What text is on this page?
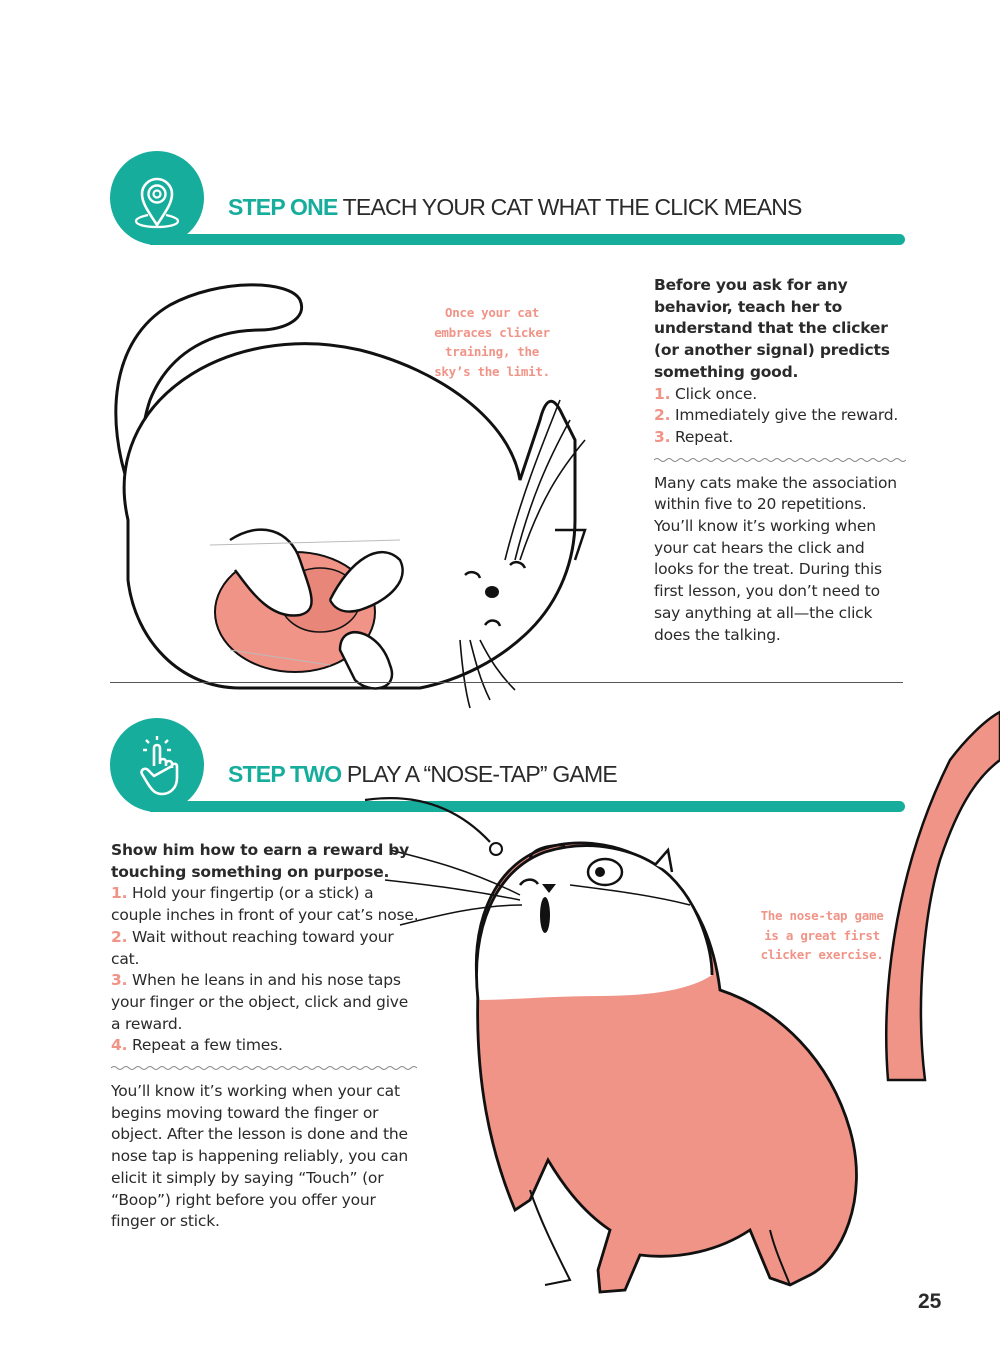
STEP ONE TEACH YOUR CAT WHAT THE CLICK MEANS
Once your cat embraces clicker training, the sky’s the limit.

Before you ask for any behavior, teach her to understand that the clicker (or another signal) predicts something good.

1. Click once.

2. Immediately give the reward.

3. Repeat.

Many cats make the association within five to 20 repetitions. You’ll know it’s working when your cat hears the click and looks for the treat. During this first lesson, you don’t need to say anything at all—the click does the talking.

STEP TWO PLAY A “NOSE-TAP” GAME
The nose-tap game is a great first clicker exercise.

Show him how to earn a reward by touching something on purpose.

1. Hold your fingertip (or a stick) a couple inches in front of your cat’s nose.

2. Wait without reaching toward your cat.

3. When he leans in and his nose taps your finger or the object, click and give a reward.

4. Repeat a few times.

You’ll know it’s working when your cat begins moving toward the finger or object. After the lesson is done and the nose tap is happening reliably, you can elicit it simply by saying “Touch” (or “Boop”) right before you offer your finger or stick.

25
